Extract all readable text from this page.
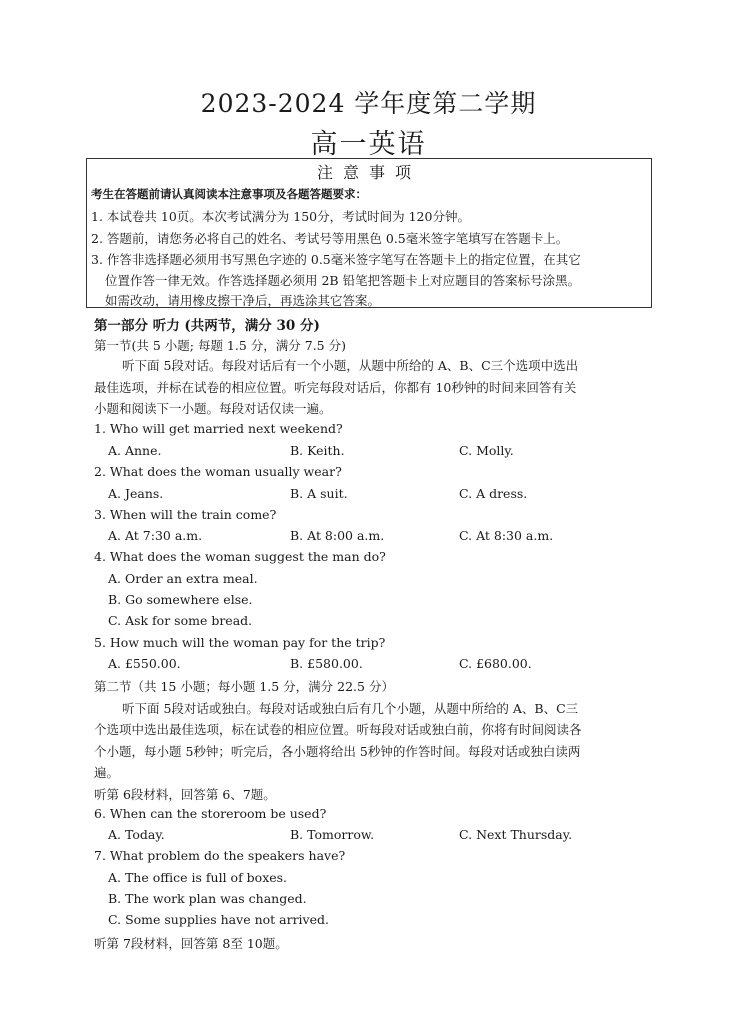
2023-2024 学年度第二学期
高一英语
注意事项
考生在答题前请认真阅读本注意事项及各题答题要求：
1. 本试卷共 10页。本次考试满分为 150分，考试时间为 120分钟。
2. 答题前，请您务必将自己的姓名、考试号等用黑色 0.5毫米签字笔填写在答题卡上。
3. 作答非选择题必须用书写黑色字迹的 0.5毫米签字笔写在答题卡上的指定位置，在其它
位置作答一律无效。作答选择题必须用 2B 铅笔把答题卡上对应题目的答案标号涂黑。
如需改动，请用橡皮擦干净后，再选涂其它答案。
第一部分 听力 (共两节，满分 30 分)
第一节(共 5 小题; 每题 1.5 分，满分 7.5 分)
听下面 5段对话。每段对话后有一个小题，从题中所给的 A、B、C三个选项中选出
最佳选项，并标在试卷的相应位置。听完每段对话后，你都有 10秒钟的时间来回答有关
小题和阅读下一小题。每段对话仅读一遍。
1. Who will get married next weekend?
A. Anne.	B. Keith.	C. Molly.
2. What does the woman usually wear?
A. Jeans.	B. A suit.	C. A dress.
3. When will the train come?
A. At 7:30 a.m.	B. At 8:00 a.m.	C. At 8:30 a.m.
4. What does the woman suggest the man do?
A. Order an extra meal.
B. Go somewhere else.
C. Ask for some bread.
5. How much will the woman pay for the trip?
A. £550.00.	B. £580.00.	C. £680.00.
第二节（共 15 小题；每小题 1.5 分，满分 22.5 分）
听下面 5段对话或独白。每段对话或独白后有几个小题，从题中所给的 A、B、C三
个选项中选出最佳选项，标在试卷的相应位置。听每段对话或独白前，你将有时间阅读各
个小题，每小题 5秒钟；听完后，各小题将给出 5秒钟的作答时间。每段对话或独白读两
遍。
听第 6段材料，回答第 6、7题。
6. When can the storeroom be used?
A. Today.	B. Tomorrow.	C. Next Thursday.
7. What problem do the speakers have?
A. The office is full of boxes.
B. The work plan was changed.
C. Some supplies have not arrived.
听第 7段材料，回答第 8至 10题。
